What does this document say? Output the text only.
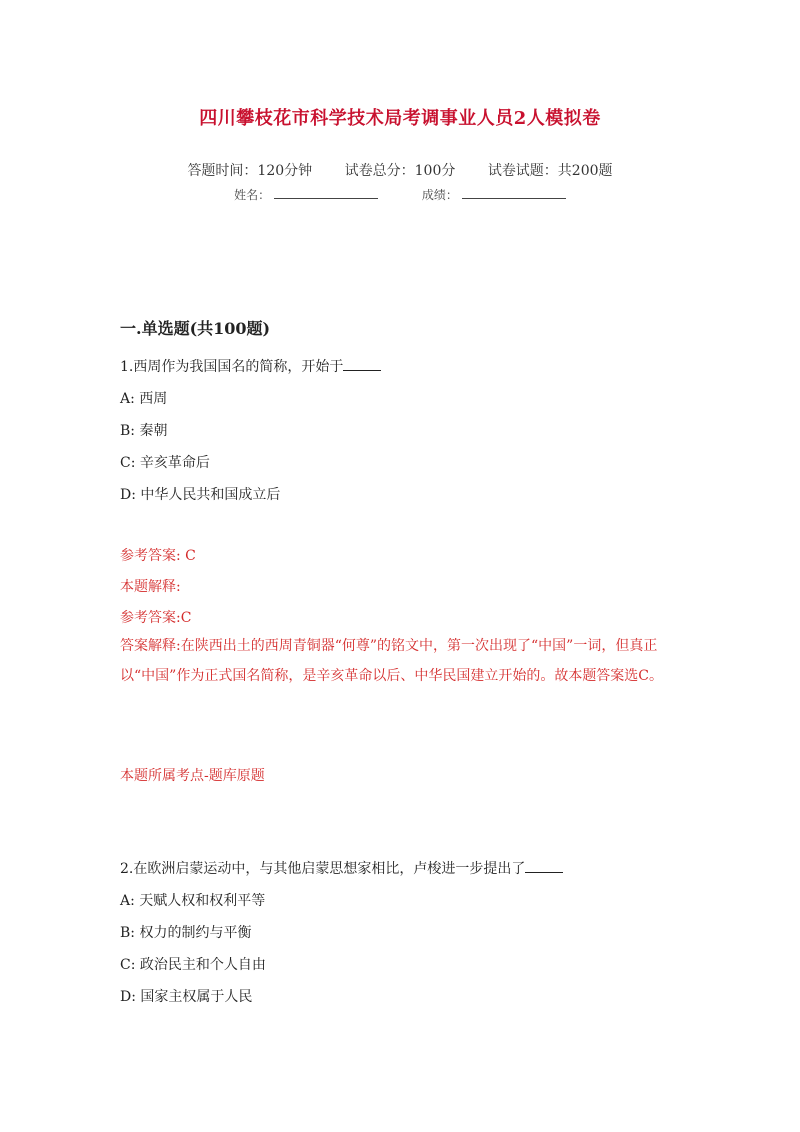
四川攀枝花市科学技术局考调事业人员2人模拟卷
答题时间：120分钟 试卷总分：100分 试卷试题：共200题
姓名：	成绩：
一.单选题(共100题)
1.西周作为我国国名的简称，开始于
A: 西周
B: 秦朝
C: 辛亥革命后
D: 中华人民共和国成立后
参考答案: C
本题解释:
参考答案:C
答案解释:在陕西出土的西周青铜器“何尊”的铭文中，第一次出现了“中国”一词，但真正以“中国”作为正式国名简称，是辛亥革命以后、中华民国建立开始的。故本题答案选C。
本题所属考点-题库原题
2.在欧洲启蒙运动中，与其他启蒙思想家相比，卢梭进一步提出了
A: 天赋人权和权利平等
B: 权力的制约与平衡
C: 政治民主和个人自由
D: 国家主权属于人民
